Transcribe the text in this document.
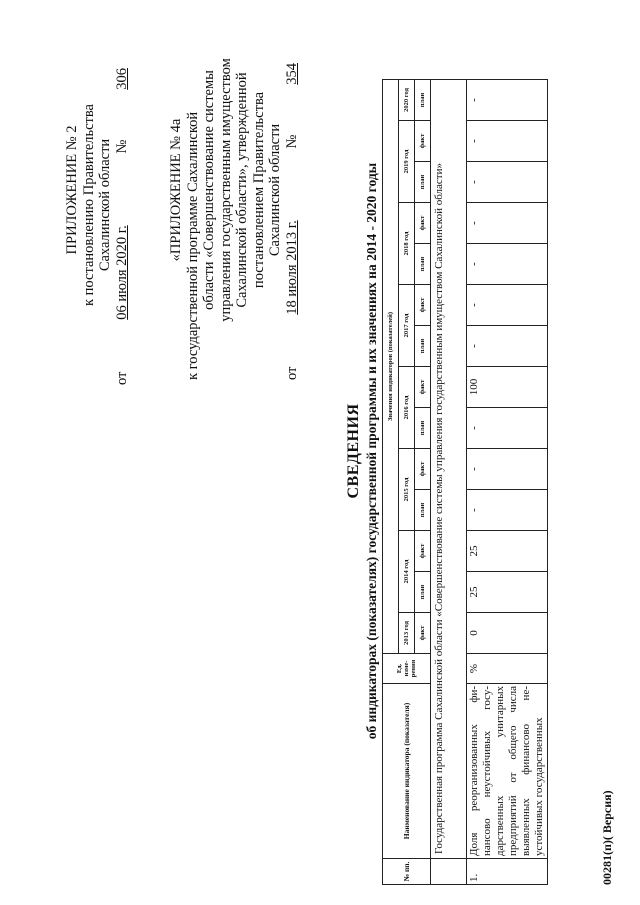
ПРИЛОЖЕНИЕ № 2 к постановлению Правительства Сахалинской области
от
06 июля 2020 г.
№
306
«ПРИЛОЖЕНИЕ № 4а к государственной программе Сахалинской области «Совершенствование системы управления государственным имуществом Сахалинской области», утвержденной постановлением Правительства Сахалинской области
от
18 июля 2013 г.
№
354
СВЕДЕНИЯ об индикаторах (показателях) государственной программы и их значениях на 2014 - 2020 годы
№ пп.	Наименование индикатора (показателя)	Ед. изме- рения	Значения индикаторов (показателей)													
			2013 год	2014 год		2015 год		2016 год		2017 год		2018 год		2019 год		2020 год
			факт	план	факт	план	факт	план	факт	план	факт	план	факт	план	факт	план
	Государственная программа Сахалинской области «Совершенствование системы управления государственным имуществом Сахалинской области»															
1.	Доля реорганизованных фи- нансово неустойчивых госу- дарственных унитарных предприятий от общего числа выявленных финансово не- устойчивых государственных	%	0	25	25	-	-	-	100	-	-	-	-	-	-	-
00281(п)( Версия)
